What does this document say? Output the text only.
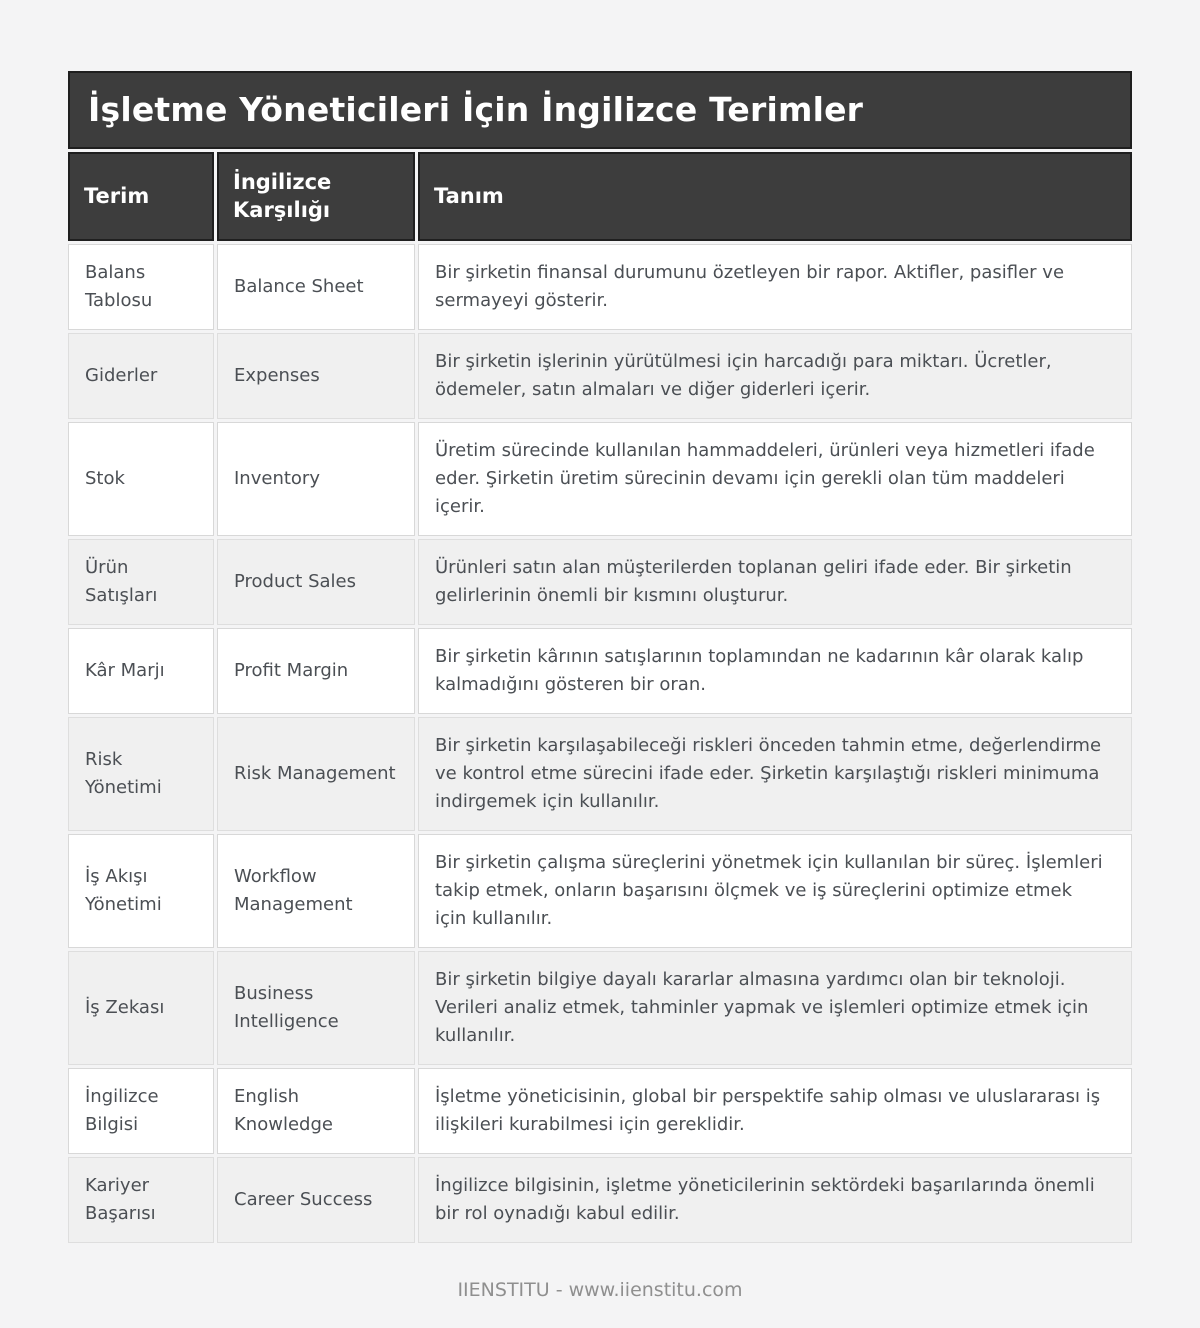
İşletme Yöneticileri İçin İngilizce Terimler		
Terim	İngilizce Karşılığı	Tanım
Balans Tablosu	Balance Sheet	Bir şirketin finansal durumunu özetleyen bir rapor. Aktifler, pasifler ve sermayeyi gösterir.
Giderler	Expenses	Bir şirketin işlerinin yürütülmesi için harcadığı para miktarı. Ücretler, ödemeler, satın almaları ve diğer giderleri içerir.
Stok	Inventory	Üretim sürecinde kullanılan hammaddeleri, ürünleri veya hizmetleri ifade eder. Şirketin üretim sürecinin devamı için gerekli olan tüm maddeleri içerir.
Ürün Satışları	Product Sales	Ürünleri satın alan müşterilerden toplanan geliri ifade eder. Bir şirketin gelirlerinin önemli bir kısmını oluşturur.
Kâr Marjı	Profit Margin	Bir şirketin kârının satışlarının toplamından ne kadarının kâr olarak kalıp kalmadığını gösteren bir oran.
Risk Yönetimi	Risk Management	Bir şirketin karşılaşabileceği riskleri önceden tahmin etme, değerlendirme ve kontrol etme sürecini ifade eder. Şirketin karşılaştığı riskleri minimuma indirgemek için kullanılır.
İş Akışı Yönetimi	Workflow Management	Bir şirketin çalışma süreçlerini yönetmek için kullanılan bir süreç. İşlemleri takip etmek, onların başarısını ölçmek ve iş süreçlerini optimize etmek için kullanılır.
İş Zekası	Business Intelligence	Bir şirketin bilgiye dayalı kararlar almasına yardımcı olan bir teknoloji. Verileri analiz etmek, tahminler yapmak ve işlemleri optimize etmek için kullanılır.
İngilizce Bilgisi	English Knowledge	İşletme yöneticisinin, global bir perspektife sahip olması ve uluslararası iş ilişkileri kurabilmesi için gereklidir.
Kariyer Başarısı	Career Success	İngilizce bilgisinin, işletme yöneticilerinin sektördeki başarılarında önemli bir rol oynadığı kabul edilir.
IIENSTITU - www.iienstitu.com
